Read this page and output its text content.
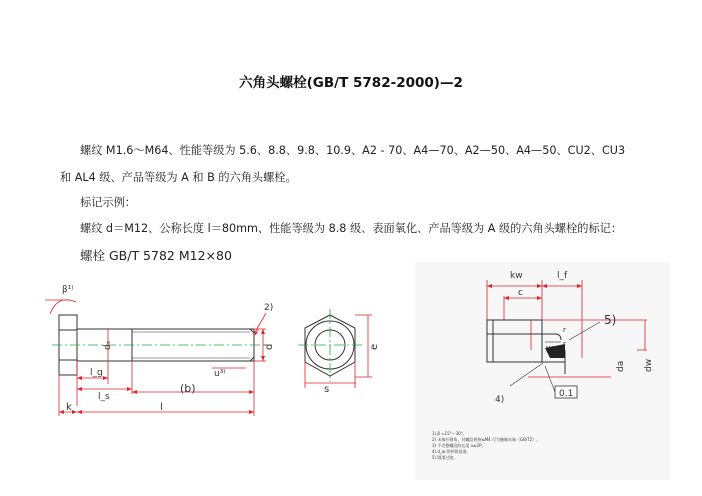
六角头螺栓(GB/T 5782-2000)—2
螺纹 M1.6～M64、性能等级为 5.6、8.8、9.8、10.9、A2 - 70、A4—70、A2—50、A4—50、CU2、CU3
和 AL4 级、产品等级为 A 和 B 的六角头螺栓。
标记示例：
螺纹 d＝M12、公称长度 l＝80mm、性能等级为 8.8 级、表面氧化、产品等级为 A 级的六角头螺栓的标记：
螺栓 GB/T 5782 M12×80
β¹⁾
2)
dₛ	d	e
l_g
l_s
u³⁾
(b)	s
k	l
kw	l_f
c
r
r
5)
4)
0.1
da dw
1) β =15°～30°。
2) 末端应倒角，对螺纹规格≤M4 可为辗制末端（GB/T2）。
3) 不完整螺纹的长度 u≤2P。
4) d_w 的仲裁基准。
5) 圆滑过渡。
